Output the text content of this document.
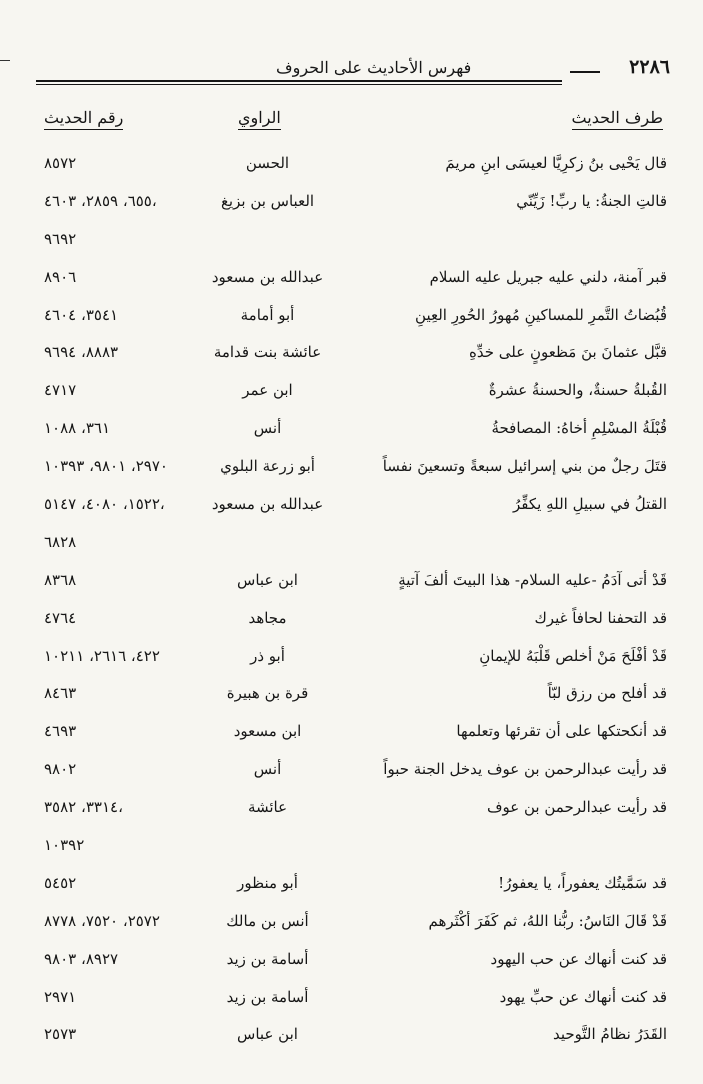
٢٢٨٦
فهرس الأحاديث على الحروف
طرف الحديث
الراوي
رقم الحديث
قال يَحْيى بنُ زكرِيَّا لعيسَى ابنِ مريمَ
الحسن
٨٥٧٢
قالتِ الجنةُ: يا ربِّ! زَيِّنّي
العباس بن بزيغ
٦٥٥، ٢٨٥٩، ٤٦٠٣،
٩٦٩٢
قبر آمنة، دلني عليه جبريل عليه السلام
عبدالله بن مسعود
٨٩٠٦
قُبُضاتُ التَّمرِ للمساكينِ مُهورُ الحُورِ العِينِ
أبو أمامة
٣٥٤١، ٤٦٠٤
قبَّل عثمانَ بنَ مَظعونٍ على خدِّهِ
عائشة بنت قدامة
٨٨٨٣، ٩٦٩٤
القُبلةُ حسنةٌ، والحسنةُ عشرةٌ
ابن عمر
٤٧١٧
قُبْلَةُ المسْلِمِ أخاهُ: المصافحةُ
أنس
٣٦١، ١٠٨٨
قتَلَ رجلٌ من بني إسرائيل سبعةً وتسعينَ نفساً
أبو زرعة البلوي
٢٩٧٠، ٩٨٠١، ١٠٣٩٣
القتلُ في سبيلِ اللهِ يكفِّرُ
عبدالله بن مسعود
١٥٢٢، ٤٠٨٠، ٥١٤٧،
٦٨٢٨
قَدْ أتى آدَمُ -عليه السلام- هذا البيتَ ألفَ آتيةٍ
ابن عباس
٨٣٦٨
قد التحفنا لحافاً غيرك
مجاهد
٤٧٦٤
قَدْ أفْلَحَ مَنْ أخلص قَلْبَهُ للإيمانِ
أبو ذر
٤٢٢، ٢٦١٦، ١٠٢١١
قد أفلح من رزق لبّاً
قرة بن هبيرة
٨٤٦٣
قد أنكحتكها على أن تقرئها وتعلمها
ابن مسعود
٤٦٩٣
قد رأيت عبدالرحمن بن عوف يدخل الجنة حبواً
أنس
٩٨٠٢
قد رأيت عبدالرحمن بن عوف
عائشة
٣٣١٤، ٣٥٨٢،
١٠٣٩٢
قد سَمَّيتُك يعفوراً، يا يعفورُ!
أبو منظور
٥٤٥٢
قَدْ قَالَ النَاسُ: ربُّنا اللهُ، ثم كَفَرَ أكْثَرهم
أنس بن مالك
٢٥٧٢، ٧٥٢٠، ٨٧٧٨
قد كنت أنهاك عن حب اليهود
أسامة بن زيد
٨٩٢٧، ٩٨٠٣
قد كنت أنهاك عن حبِّ يهود
أسامة بن زيد
٢٩٧١
القَدَرُ نظامُ التَّوحيد
ابن عباس
٢٥٧٣
